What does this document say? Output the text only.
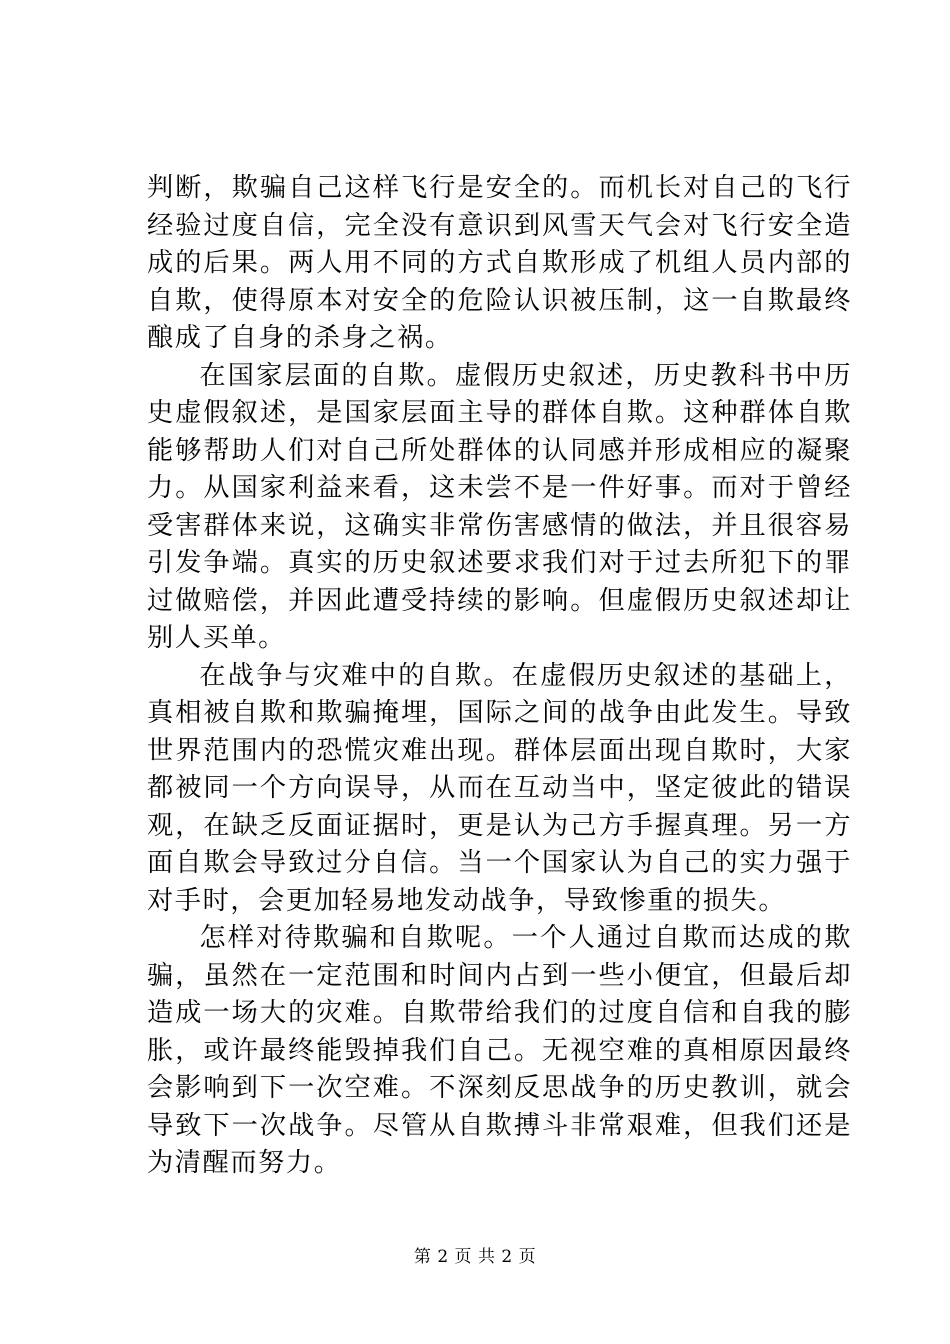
判断，欺骗自己这样飞行是安全的。而机长对自己的飞行经验过度自信，完全没有意识到风雪天气会对飞行安全造成的后果。两人用不同的方式自欺形成了机组人员内部的自欺，使得原本对安全的危险认识被压制，这一自欺最终酿成了自身的杀身之祸。

在国家层面的自欺。虚假历史叙述，历史教科书中历史虚假叙述，是国家层面主导的群体自欺。这种群体自欺能够帮助人们对自己所处群体的认同感并形成相应的凝聚力。从国家利益来看，这未尝不是一件好事。而对于曾经受害群体来说，这确实非常伤害感情的做法，并且很容易引发争端。真实的历史叙述要求我们对于过去所犯下的罪过做赔偿，并因此遭受持续的影响。但虚假历史叙述却让别人买单。

在战争与灾难中的自欺。在虚假历史叙述的基础上，真相被自欺和欺骗掩埋，国际之间的战争由此发生。导致世界范围内的恐慌灾难出现。群体层面出现自欺时，大家都被同一个方向误导，从而在互动当中，坚定彼此的错误观，在缺乏反面证据时，更是认为己方手握真理。另一方面自欺会导致过分自信。当一个国家认为自己的实力强于对手时，会更加轻易地发动战争，导致惨重的损失。

怎样对待欺骗和自欺呢。一个人通过自欺而达成的欺骗，虽然在一定范围和时间内占到一些小便宜，但最后却造成一场大的灾难。自欺带给我们的过度自信和自我的膨胀，或许最终能毁掉我们自己。无视空难的真相原因最终会影响到下一次空难。不深刻反思战争的历史教训，就会导致下一次战争。尽管从自欺搏斗非常艰难，但我们还是为清醒而努力。

第 2 页 共 2 页
